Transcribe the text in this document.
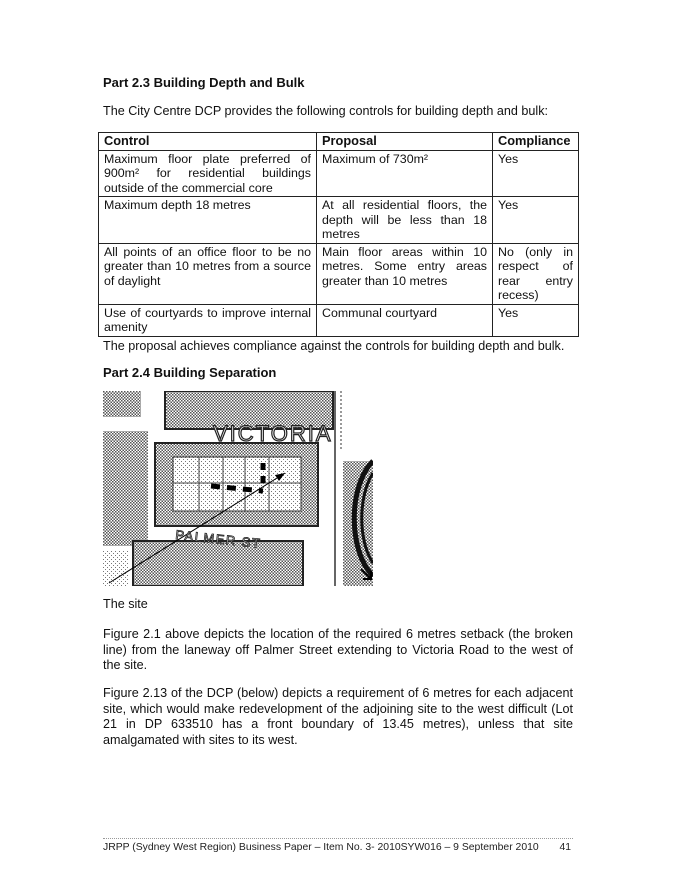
Part 2.3 Building Depth and Bulk
The City Centre DCP provides the following controls for building depth and bulk:
Control	Proposal	Compliance
Maximum floor plate preferred of 900m² for residential buildings outside of the commercial core	Maximum of 730m²	Yes
Maximum depth 18 metres	At all residential floors, the depth will be less than 18 metres	Yes
All points of an office floor to be no greater than 10 metres from a source of daylight	Main floor areas within 10 metres. Some entry areas greater than 10 metres	No (only in respect of rear entry recess)
Use of courtyards to improve internal amenity	Communal courtyard	Yes
The proposal achieves compliance against the controls for building depth and bulk.
Part 2.4 Building Separation
VICTORIA
PALMER ST
The site
Figure 2.1 above depicts the location of the required 6 metres setback (the broken line) from the laneway off Palmer Street extending to Victoria Road to the west of the site.
Figure 2.13 of the DCP (below) depicts a requirement of 6 metres for each adjacent site, which would make redevelopment of the adjoining site to the west difficult (Lot 21 in DP 633510 has a front boundary of 13.45 metres), unless that site amalgamated with sites to its west.
JRPP (Sydney West Region) Business Paper – Item No. 3- 2010SYW016 – 9 September 2010 41
